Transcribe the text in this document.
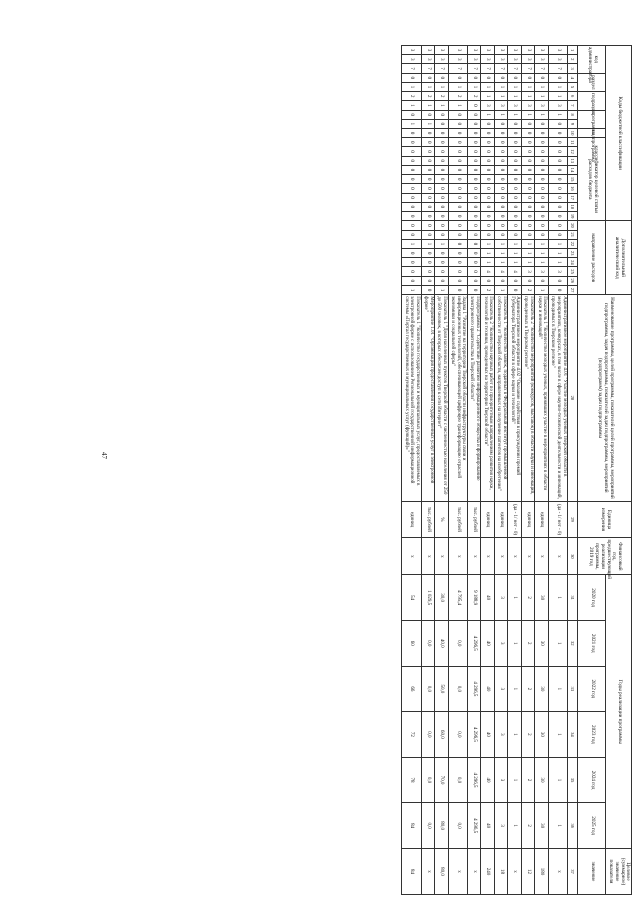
47
Коды бюджетной классификации																			Дополнительный аналитический код								Наименование программы, целей программы, показателей целей программы, мероприятий подпрограммы, задач подпрограммы, показателей задач подпрограммы, мероприятий (подпрограмм) задач подпрограммы	Единица измерения	Финансовый год, предшествующий реализации программы, 2019 год	Годы реализации программы						Целевое (суммарное) значение показателя
код администратора			раздел		подраздел		программа		подпрограмма	классификатор целевой статьи расходов бюджета									направление расходов											2020 год	2021 год	2022 год	2023 год	2024 год	2025 год	значение
1	2	3	4	5	6	7	8	9	10	11	12	13	14	15	16	17	18	19	20	21	22	23	24	25	26	27	28	29	30	31	32	33	34	35	36	37
3	3	7	0	1	1	3	1	0	0	0	0	0	0	0	0	0	0	0	0	0	1	1	1	3	0	0	Административное мероприятие 4.01 "Участие молодых ученых Тверской области в мероприятиях, конкурсах, в том числе в сфере научно-технической деятельности и инноваций, проводимых в Тверском регионе"	(да - 1/ нет - 0)	х	1	1	1	1	1	1	х
3	3	7	0	1	1	3	1	0	0	0	0	0	0	0	0	0	0	0	0	0	1	1	1	3	0	1	Показатель 1 "Количество молодых ученых, принявших участие в мероприятиях в области науки и инноваций"	единиц	х	30	30	30	30	30	30	180
3	3	7	0	1	1	3	1	0	0	0	0	0	0	0	0	0	0	0	0	0	1	1	1	3	0	2	Показатель 2 "Количество мероприятий (конкурсов, выставок) в области науки и инноваций, проведенных в Тверском регионе"	единиц	х	2	2	2	2	2	2	12
3	3	7	0	1	1	3	1	0	0	0	0	0	0	0	0	0	0	0	0	0	1	1	1	4	0	0	Административное мероприятие 4.02 "Оказание содействия в присуждении премий Губернатора Тверской области в сфере науки и технологий"	(да - 1/ нет - 0)	х	1	1	1	1	1	1	х
3	3	7	0	1	1	3	1	0	0	0	0	0	0	0	0	0	0	0	0	0	1	1	1	4	0	1	Показатель 1 "Количество заявок, поданных в Федеральный институт промышленной собственности от Тверской области, направленных на получение патентов на изобретения"	единиц	х	3	3	3	3	3	3	18
3	3	7	0	1	1	3	1	0	0	0	0	0	0	0	0	0	0	0	0	0	1	1	1	4	0	2	Показатель 2 "Количество научных работ по приоритетным направлениям развития науки, технологий и техники, проведенных на территории Тверской области"	единиц	х	40	40	40	40	40	40	240
3	3	7	0	1	2	0	0	0	0	0	0	0	0	0	0	0	0	0	0	0	0	0	0	0	0	0	Подпрограмма 2 "Содействие развитию информационного общества и формированию электронного правительства в Тверской области"	тыс. рублей	х	9 188,9	4 296,5	4 296,5	4 296,5	4 296,5	4 296,5	х
3	3	7	0	1	2	1	0	0	0	0	0	0	0	0	0	0	0	0	0	0	0	0	0	0	0	0	Задача 1 "Развитие на территории Тверской области инфраструктуры связи и информационных технологий, обеспечивающей цифровую трансформацию отраслей экономики и социальной сферы"	тыс. рублей	х	4 795,4	0,0	0,0	0,0	0,0	0,0	х
3	3	7	0	1	2	1	0	0	0	0	0	0	0	0	0	0	0	0	0	0	1	0	0	0	0	1	Показатель 1 "Доля населенных пунктов Тверской области с численностью населения от 250 до 500 человек, в которых обеспечен доступ к сети Интернет"	%	х	30,0	40,0	50,0	60,0	70,0	80,0	80,0
3	3	7	0	1	2	1	0	1	0	0	0	0	0	0	0	0	0	0	0	0	1	0	0	0	0	0	Мероприятие 1.01 "Организация предоставления государственных услуг в электронной форме"	тыс. рублей	х	1 029,5	0,0	0,0	0,0	0,0	0,0	х
3	3	7	0	1	2	1	0	1	0	0	0	0	0	0	0	0	0	0	0	0	1	0	0	0	0	1	Показатель 1 "Количество государственных и муниципальных услуг, предоставляемых в электронной форме с использованием Региональной государственной информационной системы «Портал государственных и муниципальных услуг (функций)»"	единиц	х	54	60	66	72	78	84	84
